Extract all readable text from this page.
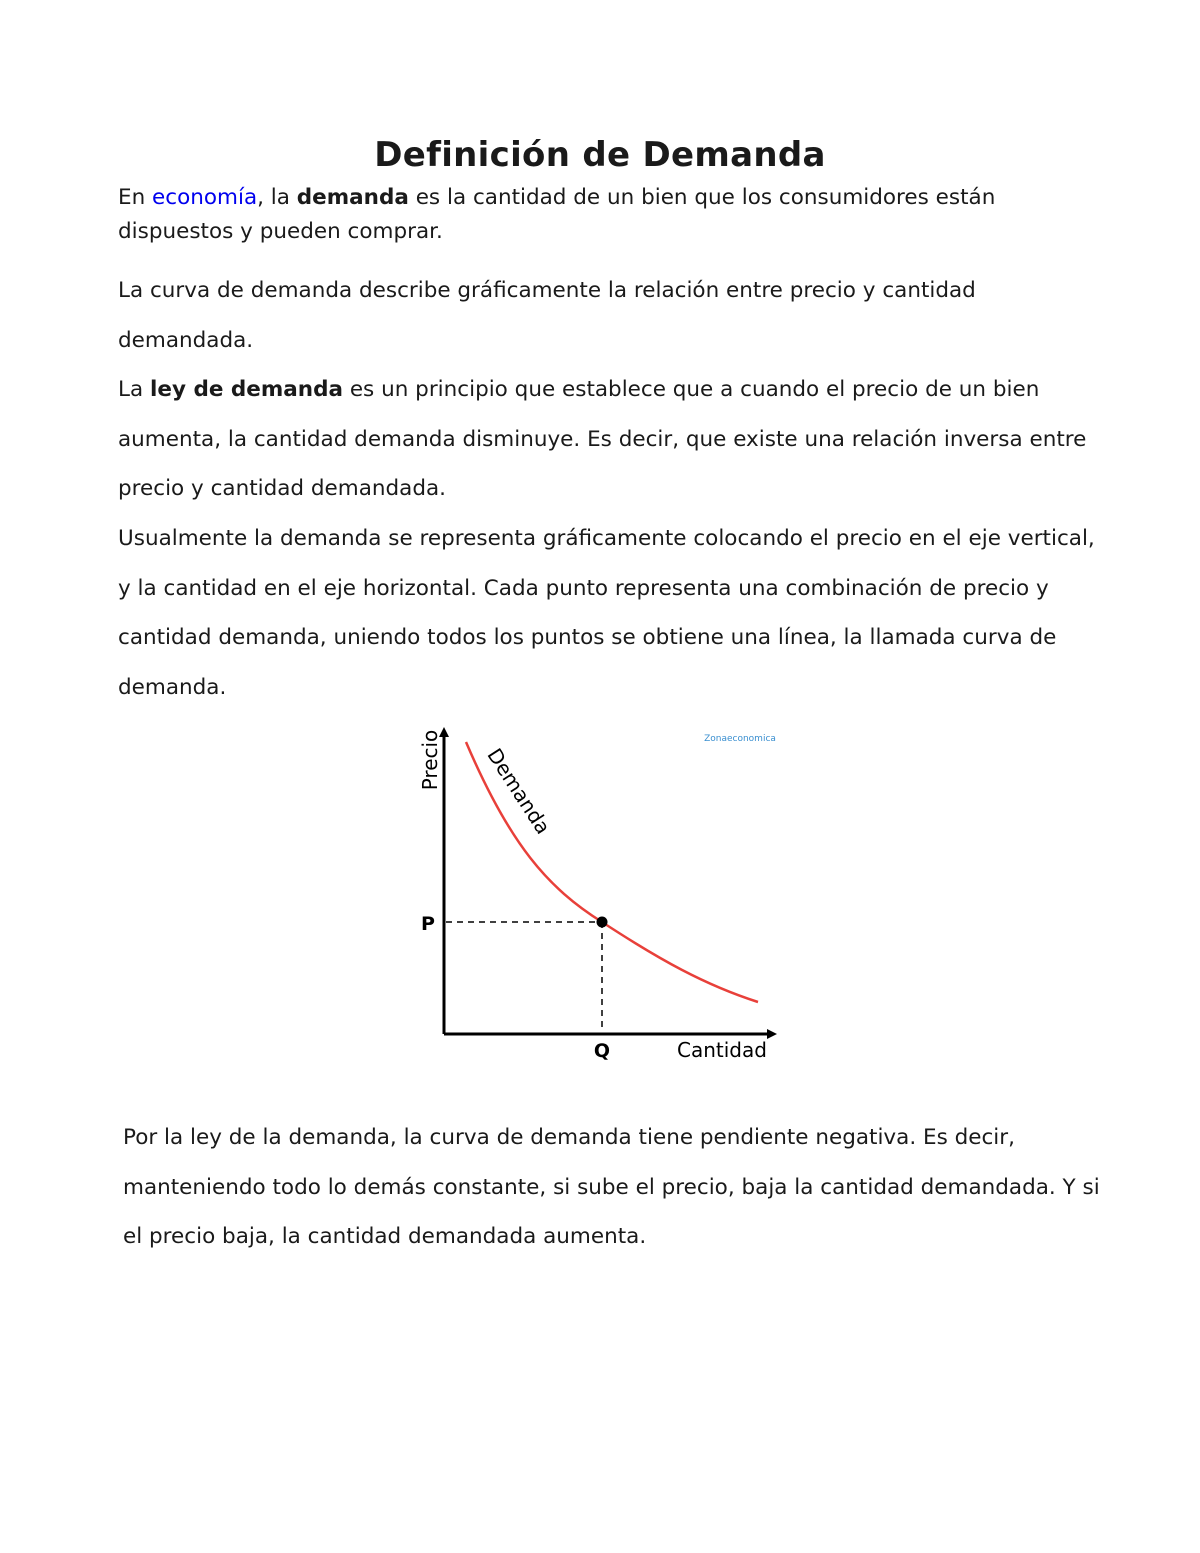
Definición de Demanda

En economía, la demanda es la cantidad de un bien que los consumidores están dispuestos y pueden comprar.

La curva de demanda describe gráficamente la relación entre precio y cantidad demandada.

La ley de demanda es un principio que establece que a cuando el precio de un bien aumenta, la cantidad demanda disminuye. Es decir, que existe una relación inversa entre precio y cantidad demandada.

Usualmente la demanda se representa gráficamente colocando el precio en el eje vertical, y la cantidad en el eje horizontal. Cada punto representa una combinación de precio y cantidad demanda, uniendo todos los puntos se obtiene una línea, la llamada curva de demanda.

Precio
Cantidad
Demanda
P
Q
Zonaeconomica

Por la ley de la demanda, la curva de demanda tiene pendiente negativa. Es decir, manteniendo todo lo demás constante, si sube el precio, baja la cantidad demandada. Y si el precio baja, la cantidad demandada aumenta.
